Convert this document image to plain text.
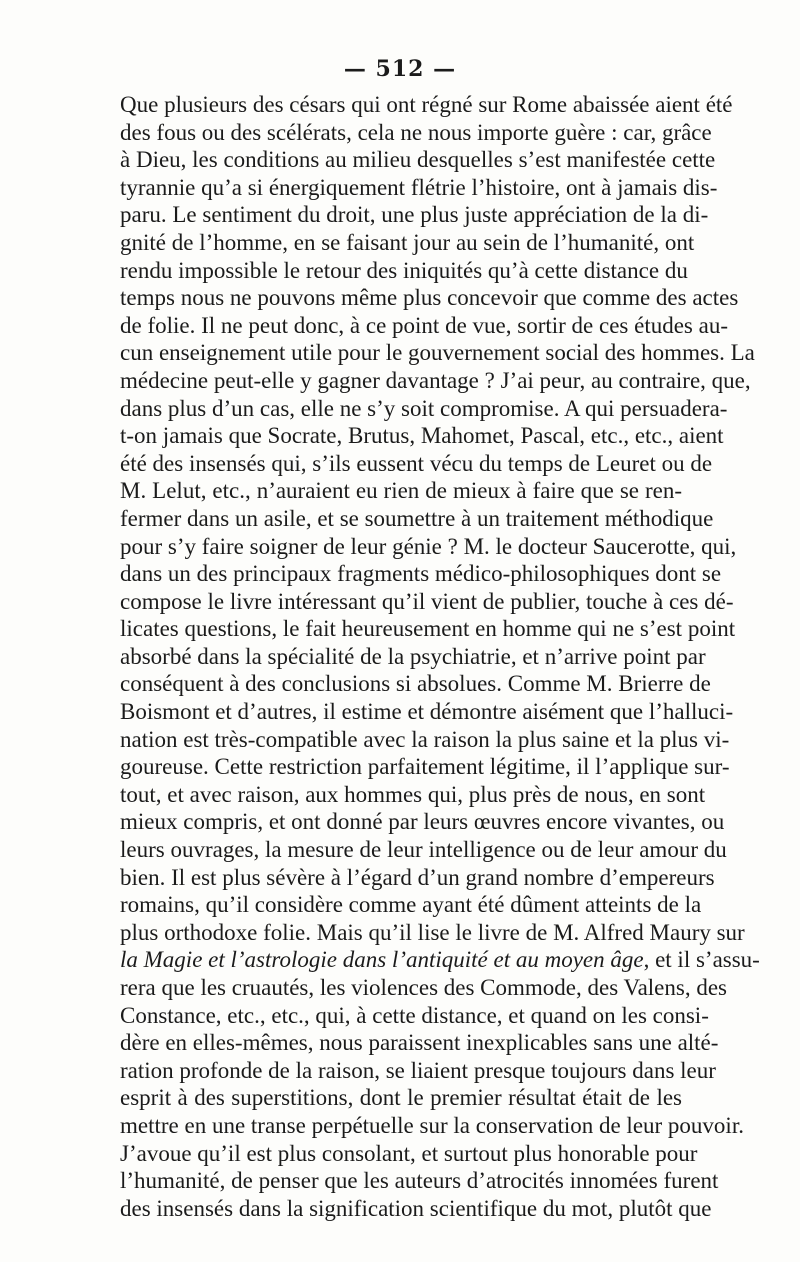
— 512 —
Que plusieurs des césars qui ont régné sur Rome abaissée aient été
des fous ou des scélérats, cela ne nous importe guère : car, grâce
à Dieu, les conditions au milieu desquelles s’est manifestée cette
tyrannie qu’a si énergiquement flétrie l’histoire, ont à jamais dis-
paru. Le sentiment du droit, une plus juste appréciation de la di-
gnité de l’homme, en se faisant jour au sein de l’humanité, ont
rendu impossible le retour des iniquités qu’à cette distance du
temps nous ne pouvons même plus concevoir que comme des actes
de folie. Il ne peut donc, à ce point de vue, sortir de ces études au-
cun enseignement utile pour le gouvernement social des hommes. La
médecine peut-elle y gagner davantage ? J’ai peur, au contraire, que,
dans plus d’un cas, elle ne s’y soit compromise. A qui persuadera-
t-on jamais que Socrate, Brutus, Mahomet, Pascal, etc., etc., aient
été des insensés qui, s’ils eussent vécu du temps de Leuret ou de
M. Lelut, etc., n’auraient eu rien de mieux à faire que se ren-
fermer dans un asile, et se soumettre à un traitement méthodique
pour s’y faire soigner de leur génie ? M. le docteur Saucerotte, qui,
dans un des principaux fragments médico-philosophiques dont se
compose le livre intéressant qu’il vient de publier, touche à ces dé-
licates questions, le fait heureusement en homme qui ne s’est point
absorbé dans la spécialité de la psychiatrie, et n’arrive point par
conséquent à des conclusions si absolues. Comme M. Brierre de
Boismont et d’autres, il estime et démontre aisément que l’halluci-
nation est très-compatible avec la raison la plus saine et la plus vi-
goureuse. Cette restriction parfaitement légitime, il l’applique sur-
tout, et avec raison, aux hommes qui, plus près de nous, en sont
mieux compris, et ont donné par leurs œuvres encore vivantes, ou
leurs ouvrages, la mesure de leur intelligence ou de leur amour du
bien. Il est plus sévère à l’égard d’un grand nombre d’empereurs
romains, qu’il considère comme ayant été dûment atteints de la
plus orthodoxe folie. Mais qu’il lise le livre de M. Alfred Maury sur
la Magie et l’astrologie dans l’antiquité et au moyen âge, et il s’assu-
rera que les cruautés, les violences des Commode, des Valens, des
Constance, etc., etc., qui, à cette distance, et quand on les consi-
dère en elles-mêmes, nous paraissent inexplicables sans une alté-
ration profonde de la raison, se liaient presque toujours dans leur
esprit à des superstitions, dont le premier résultat était de les
mettre en une transe perpétuelle sur la conservation de leur pouvoir.
J’avoue qu’il est plus consolant, et surtout plus honorable pour
l’humanité, de penser que les auteurs d’atrocités innomées furent
des insensés dans la signification scientifique du mot, plutôt que
